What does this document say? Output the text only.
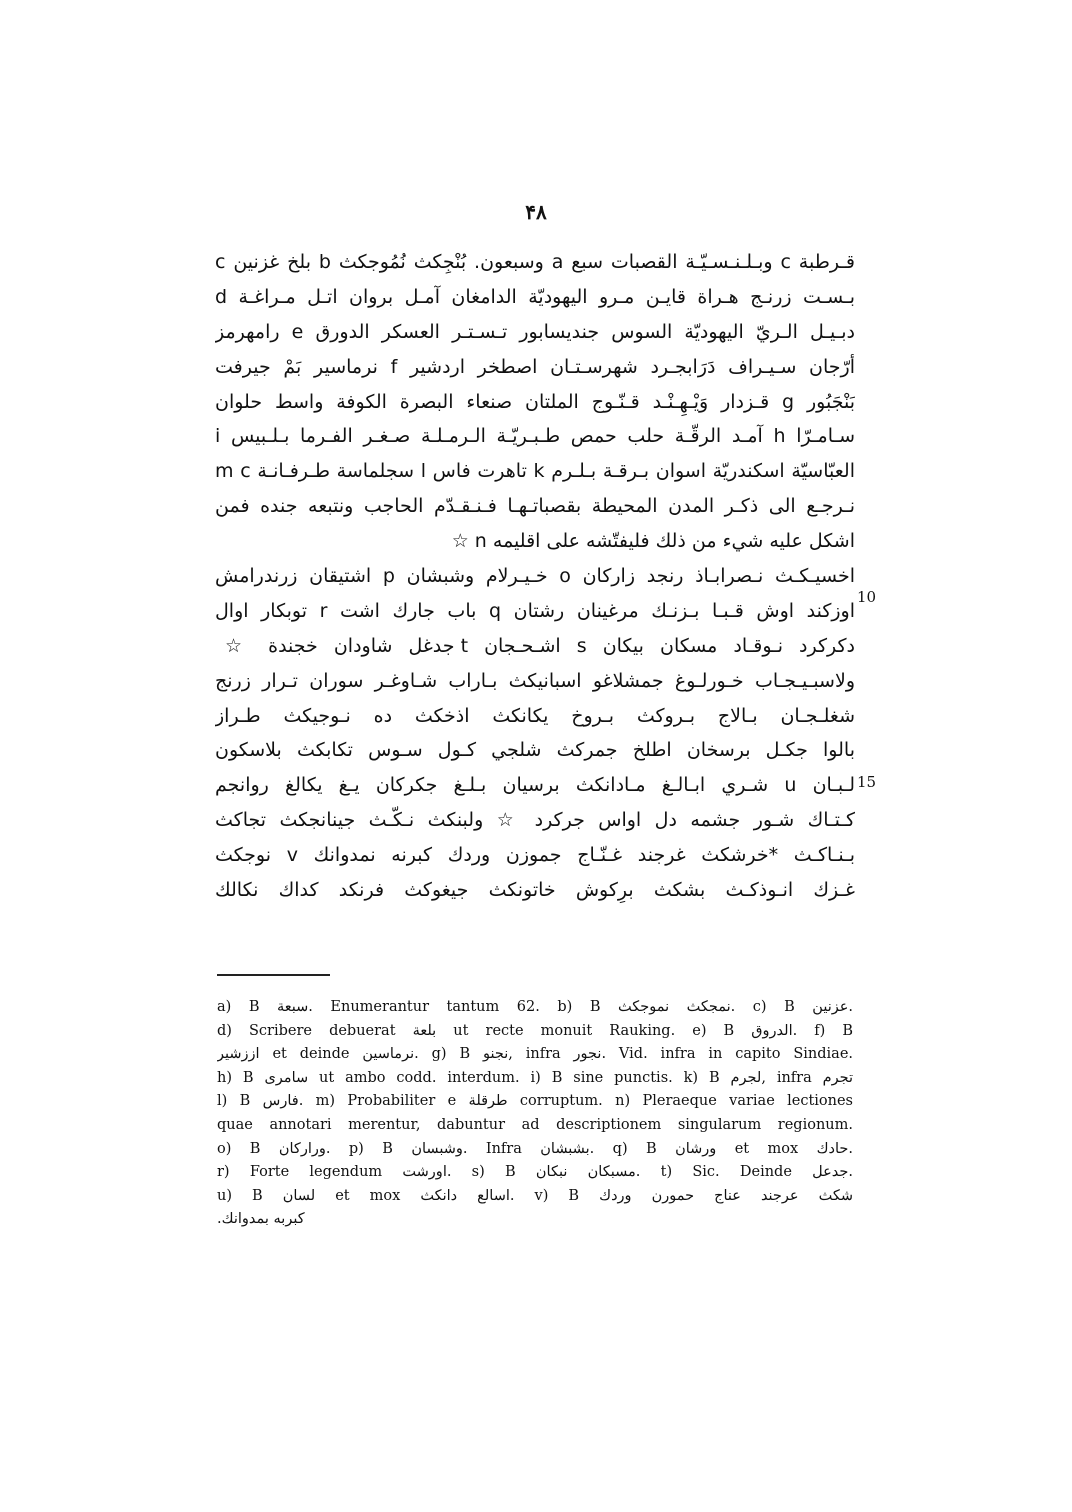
۴۸
10
15
قـرطبة c وبـلـنـسـيّـة القصبات سبع a وسبعون. بُنْجِكث نُمُوجكث b بلخ غزنين c
بـسـت زرنـج هـراة قايـن مـرو اليهوديّة الدامغان آمـل بروان اتـل مـراغـة d
دبـيـل الـريّ اليهوديّة السوس جنديسابور تـسـتـر العسكر الدورق e رامهرمز
أرّجان سـيـراف دَرَابجـرد شهرسـتـان اصطخر اردشير f نرماسير بَمْ جيرفت
بَنْجَبُور g قـزدار وَيْـهِـنْـد قـنّـوج الملتان صنعاء البصرة الكوفة واسط حلوان
سـامـرّا h آمـد الرقّـة حلب حمص طـبـريّـة الـرمـلـة صـغـر الفـرما بـلـبيس i
العبّاسيّة اسكندريّة اسوان بـرقـة بـلـرم k تاهرت فاس l سجلماسة طـرفـانـة m c
نـرجـع الى ذكـر المدن المحيطة بقصباتـهـا فـنـقـدّم الحاجب ونتبعه جنده فمن
اشكل عليه شيء من ذلك فليفتّشه على اقليمه n ☆
اخسيـكـث نـصرابـاذ رنجد زاركان o خـيـرلام وشبشان p اشتيقان زرندرامش
اوزكند اوش قـبـا بـزنـك مرغينان رشتان q باب جارك اشت r توبكار اوال
دكركرد نـوقـاد مسكان بيكان s اشـحـجان t جدغل شاودان خجندة ☆
ولاسبـيـجـاب خـورلـوغ جمشلاغو اسبانيكث بـاراب شـاوغـر سوران تـرار زرنج
شغلـجـان بـالاج بـروكث بـروخ يكانكث اذخكث ده نـوجيكث طـراز
بالوا جكـل برسخان اطلخ جمركث شلجي كـول سـوس تكابكث بلاسكون
لـبـان u شـري ابـالـغ مـادانكث برسيان بـلـغ جكركان يـغ يكالغ روانجم
كـتـاك شـور جشمه دل اواس جركرد ☆ ولبنكث نـكّـث جينانجكث تجاكث
بـنـاكـث *خرشكث غرجند غـنّـاج جموزن وردك كبرنه نمدوانك v نوجكث
غـزك انـوذكـث بشكث برِكوش خاتونكث جيغوكث فرنكد كداك نكالك
a) B سبعة. Enumerantur tantum 62. b) B نمجكث نموجكث. c) B عزنين.
d) Scribere debuerat بلعة ut recte monuit Rauking. e) B الدروق. f) B
اززشير et deinde نرماسين. g) B نجنو, infra نجور. Vid. infra in capito Sindiae.
h) B سامرى ut ambo codd. interdum. i) B sine punctis. k) B لجرم, infra تجرم
l) B فارس. m) Probabiliter e طرقلة corruptum. n) Pleraeque variae lectiones
quae annotari merentur, dabuntur ad descriptionem singularum regionum.
o) B وراركان. p) B وشبسان. Infra بشبشان. q) B ورشان et mox حادك.
r) Forte legendum اورشت. s) B مسبكان نبكان. t) Sic. Deinde جدعل.
u) B لسان et mox اسالع دانكث. v) B شكث عرجند عناج حمورن وردك
كبربه بمدوانك.
